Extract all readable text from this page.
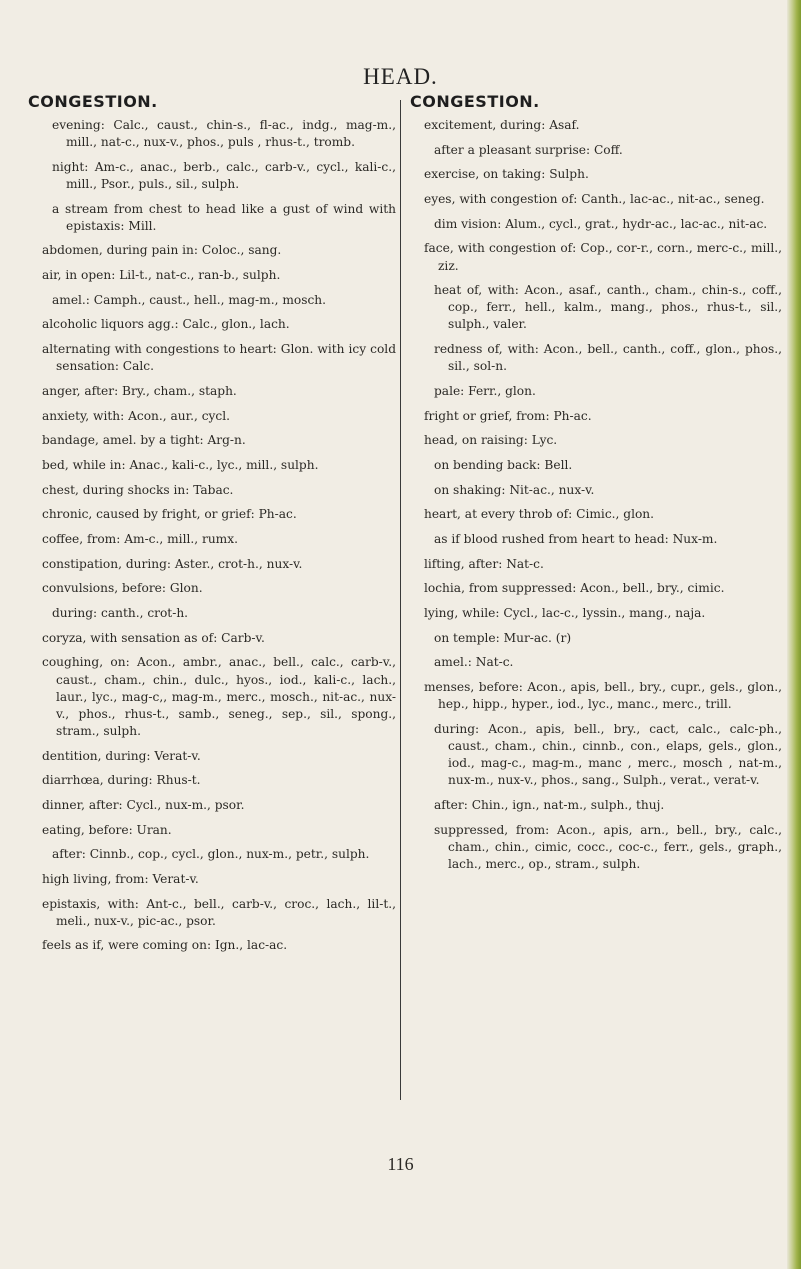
HEAD.
CONGESTION.
evening: Calc., caust., chin-s., fl-ac., indg., mag-m., mill., nat-c., nux-v., phos., puls , rhus-t., tromb.
night: Am-c., anac., berb., calc., carb-v., cycl., kali-c., mill., Psor., puls., sil., sulph.
a stream from chest to head like a gust of wind with epistaxis: Mill.
abdomen, during pain in: Coloc., sang.
air, in open: Lil-t., nat-c., ran-b., sulph.
amel.: Camph., caust., hell., mag-m., mosch.
alcoholic liquors agg.: Calc., glon., lach.
alternating with congestions to heart: Glon. with icy cold sensation: Calc.
anger, after: Bry., cham., staph.
anxiety, with: Acon., aur., cycl.
bandage, amel. by a tight: Arg-n.
bed, while in: Anac., kali-c., lyc., mill., sulph.
chest, during shocks in: Tabac.
chronic, caused by fright, or grief: Ph-ac.
coffee, from: Am-c., mill., rumx.
constipation, during: Aster., crot-h., nux-v.
convulsions, before: Glon.
during: canth., crot-h.
coryza, with sensation as of: Carb-v.
coughing, on: Acon., ambr., anac., bell., calc., carb-v., caust., cham., chin., dulc., hyos., iod., kali-c., lach., laur., lyc., mag-c,, mag-m., merc., mosch., nit-ac., nux-v., phos., rhus-t., samb., seneg., sep., sil., spong., stram., sulph.
dentition, during: Verat-v.
diarrhœa, during: Rhus-t.
dinner, after: Cycl., nux-m., psor.
eating, before: Uran.
after: Cinnb., cop., cycl., glon., nux-m., petr., sulph.
high living, from: Verat-v.
epistaxis, with: Ant-c., bell., carb-v., croc., lach., lil-t., meli., nux-v., pic-ac., psor.
feels as if, were coming on: Ign., lac-ac.
CONGESTION.
excitement, during: Asaf.
after a pleasant surprise: Coff.
exercise, on taking: Sulph.
eyes, with congestion of: Canth., lac-ac., nit-ac., seneg.
dim vision: Alum., cycl., grat., hydr-ac., lac-ac., nit-ac.
face, with congestion of: Cop., cor-r., corn., merc-c., mill., ziz.
heat of, with: Acon., asaf., canth., cham., chin-s., coff., cop., ferr., hell., kalm., mang., phos., rhus-t., sil., sulph., valer.
redness of, with: Acon., bell., canth., coff., glon., phos., sil., sol-n.
pale: Ferr., glon.
fright or grief, from: Ph-ac.
head, on raising: Lyc.
on bending back: Bell.
on shaking: Nit-ac., nux-v.
heart, at every throb of: Cimic., glon.
as if blood rushed from heart to head: Nux-m.
lifting, after: Nat-c.
lochia, from suppressed: Acon., bell., bry., cimic.
lying, while: Cycl., lac-c., lyssin., mang., naja.
on temple: Mur-ac. (r)
amel.: Nat-c.
menses, before: Acon., apis, bell., bry., cupr., gels., glon., hep., hipp., hyper., iod., lyc., manc., merc., trill.
during: Acon., apis, bell., bry., cact, calc., calc-ph., caust., cham., chin., cinnb., con., elaps, gels., glon., iod., mag-c., mag-m., manc , merc., mosch , nat-m., nux-m., nux-v., phos., sang., Sulph., verat., verat-v.
after: Chin., ign., nat-m., sulph., thuj.
suppressed, from: Acon., apis, arn., bell., bry., calc., cham., chin., cimic, cocc., coc-c., ferr., gels., graph., lach., merc., op., stram., sulph.
116
